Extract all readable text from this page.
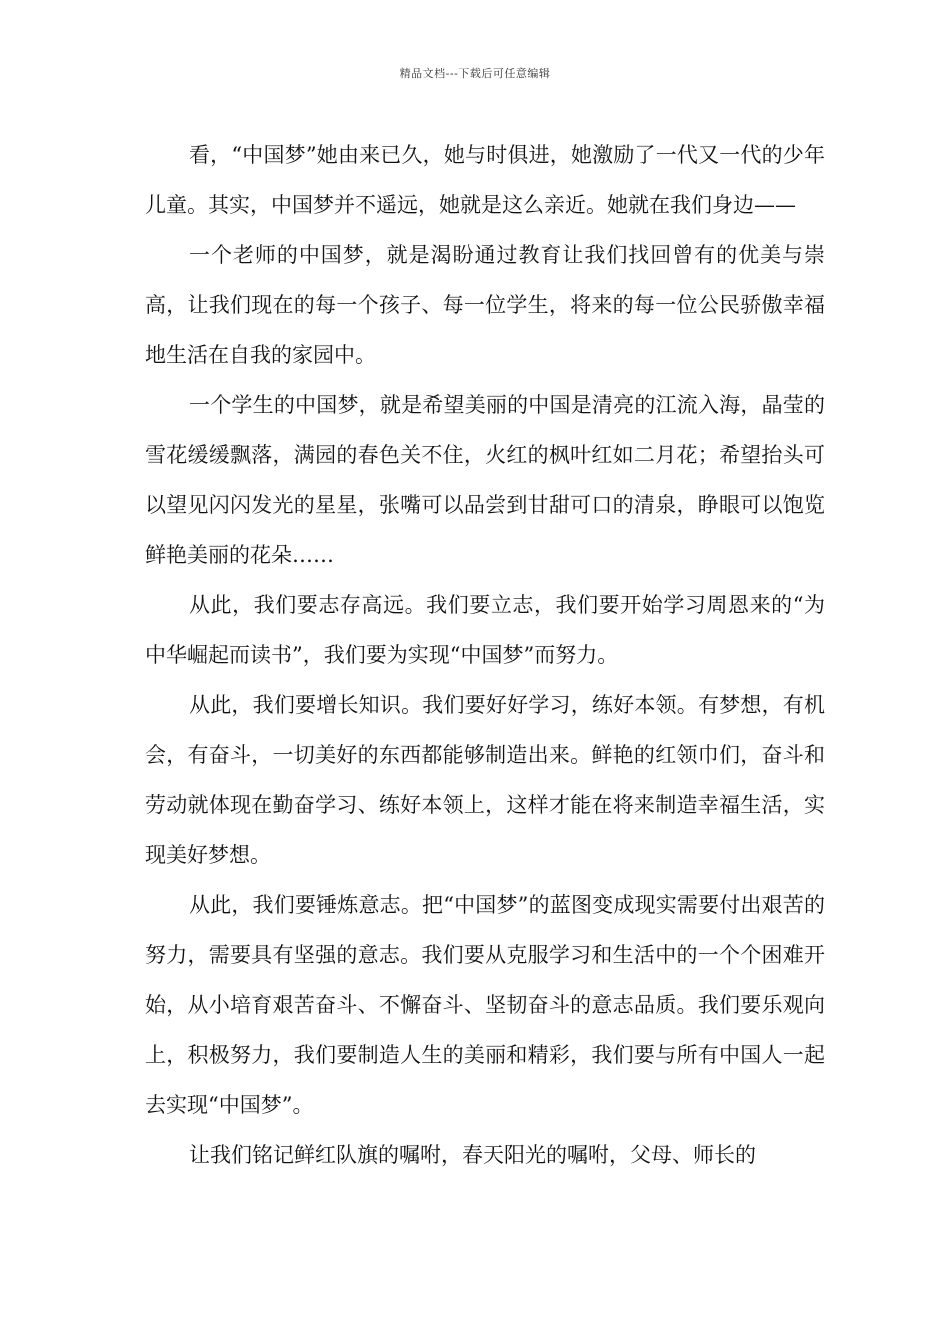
精品文档---下载后可任意编辑

看，“中国梦”她由来已久，她与时俱进，她激励了一代又一代的少年儿童。其实，中国梦并不遥远，她就是这么亲近。她就在我们身边——

一个老师的中国梦，就是渴盼通过教育让我们找回曾有的优美与崇高，让我们现在的每一个孩子、每一位学生，将来的每一位公民骄傲幸福地生活在自我的家园中。

一个学生的中国梦，就是希望美丽的中国是清亮的江流入海，晶莹的雪花缓缓飘落，满园的春色关不住，火红的枫叶红如二月花；希望抬头可以望见闪闪发光的星星，张嘴可以品尝到甘甜可口的清泉，睁眼可以饱览鲜艳美丽的花朵……

从此，我们要志存高远。我们要立志，我们要开始学习周恩来的“为中华崛起而读书”，我们要为实现“中国梦”而努力。

从此，我们要增长知识。我们要好好学习，练好本领。有梦想，有机会，有奋斗，一切美好的东西都能够制造出来。鲜艳的红领巾们，奋斗和劳动就体现在勤奋学习、练好本领上，这样才能在将来制造幸福生活，实现美好梦想。

从此，我们要锤炼意志。把“中国梦”的蓝图变成现实需要付出艰苦的努力，需要具有坚强的意志。我们要从克服学习和生活中的一个个困难开始，从小培育艰苦奋斗、不懈奋斗、坚韧奋斗的意志品质。我们要乐观向上，积极努力，我们要制造人生的美丽和精彩，我们要与所有中国人一起去实现“中国梦”。

让我们铭记鲜红队旗的嘱咐，春天阳光的嘱咐，父母、师长的
